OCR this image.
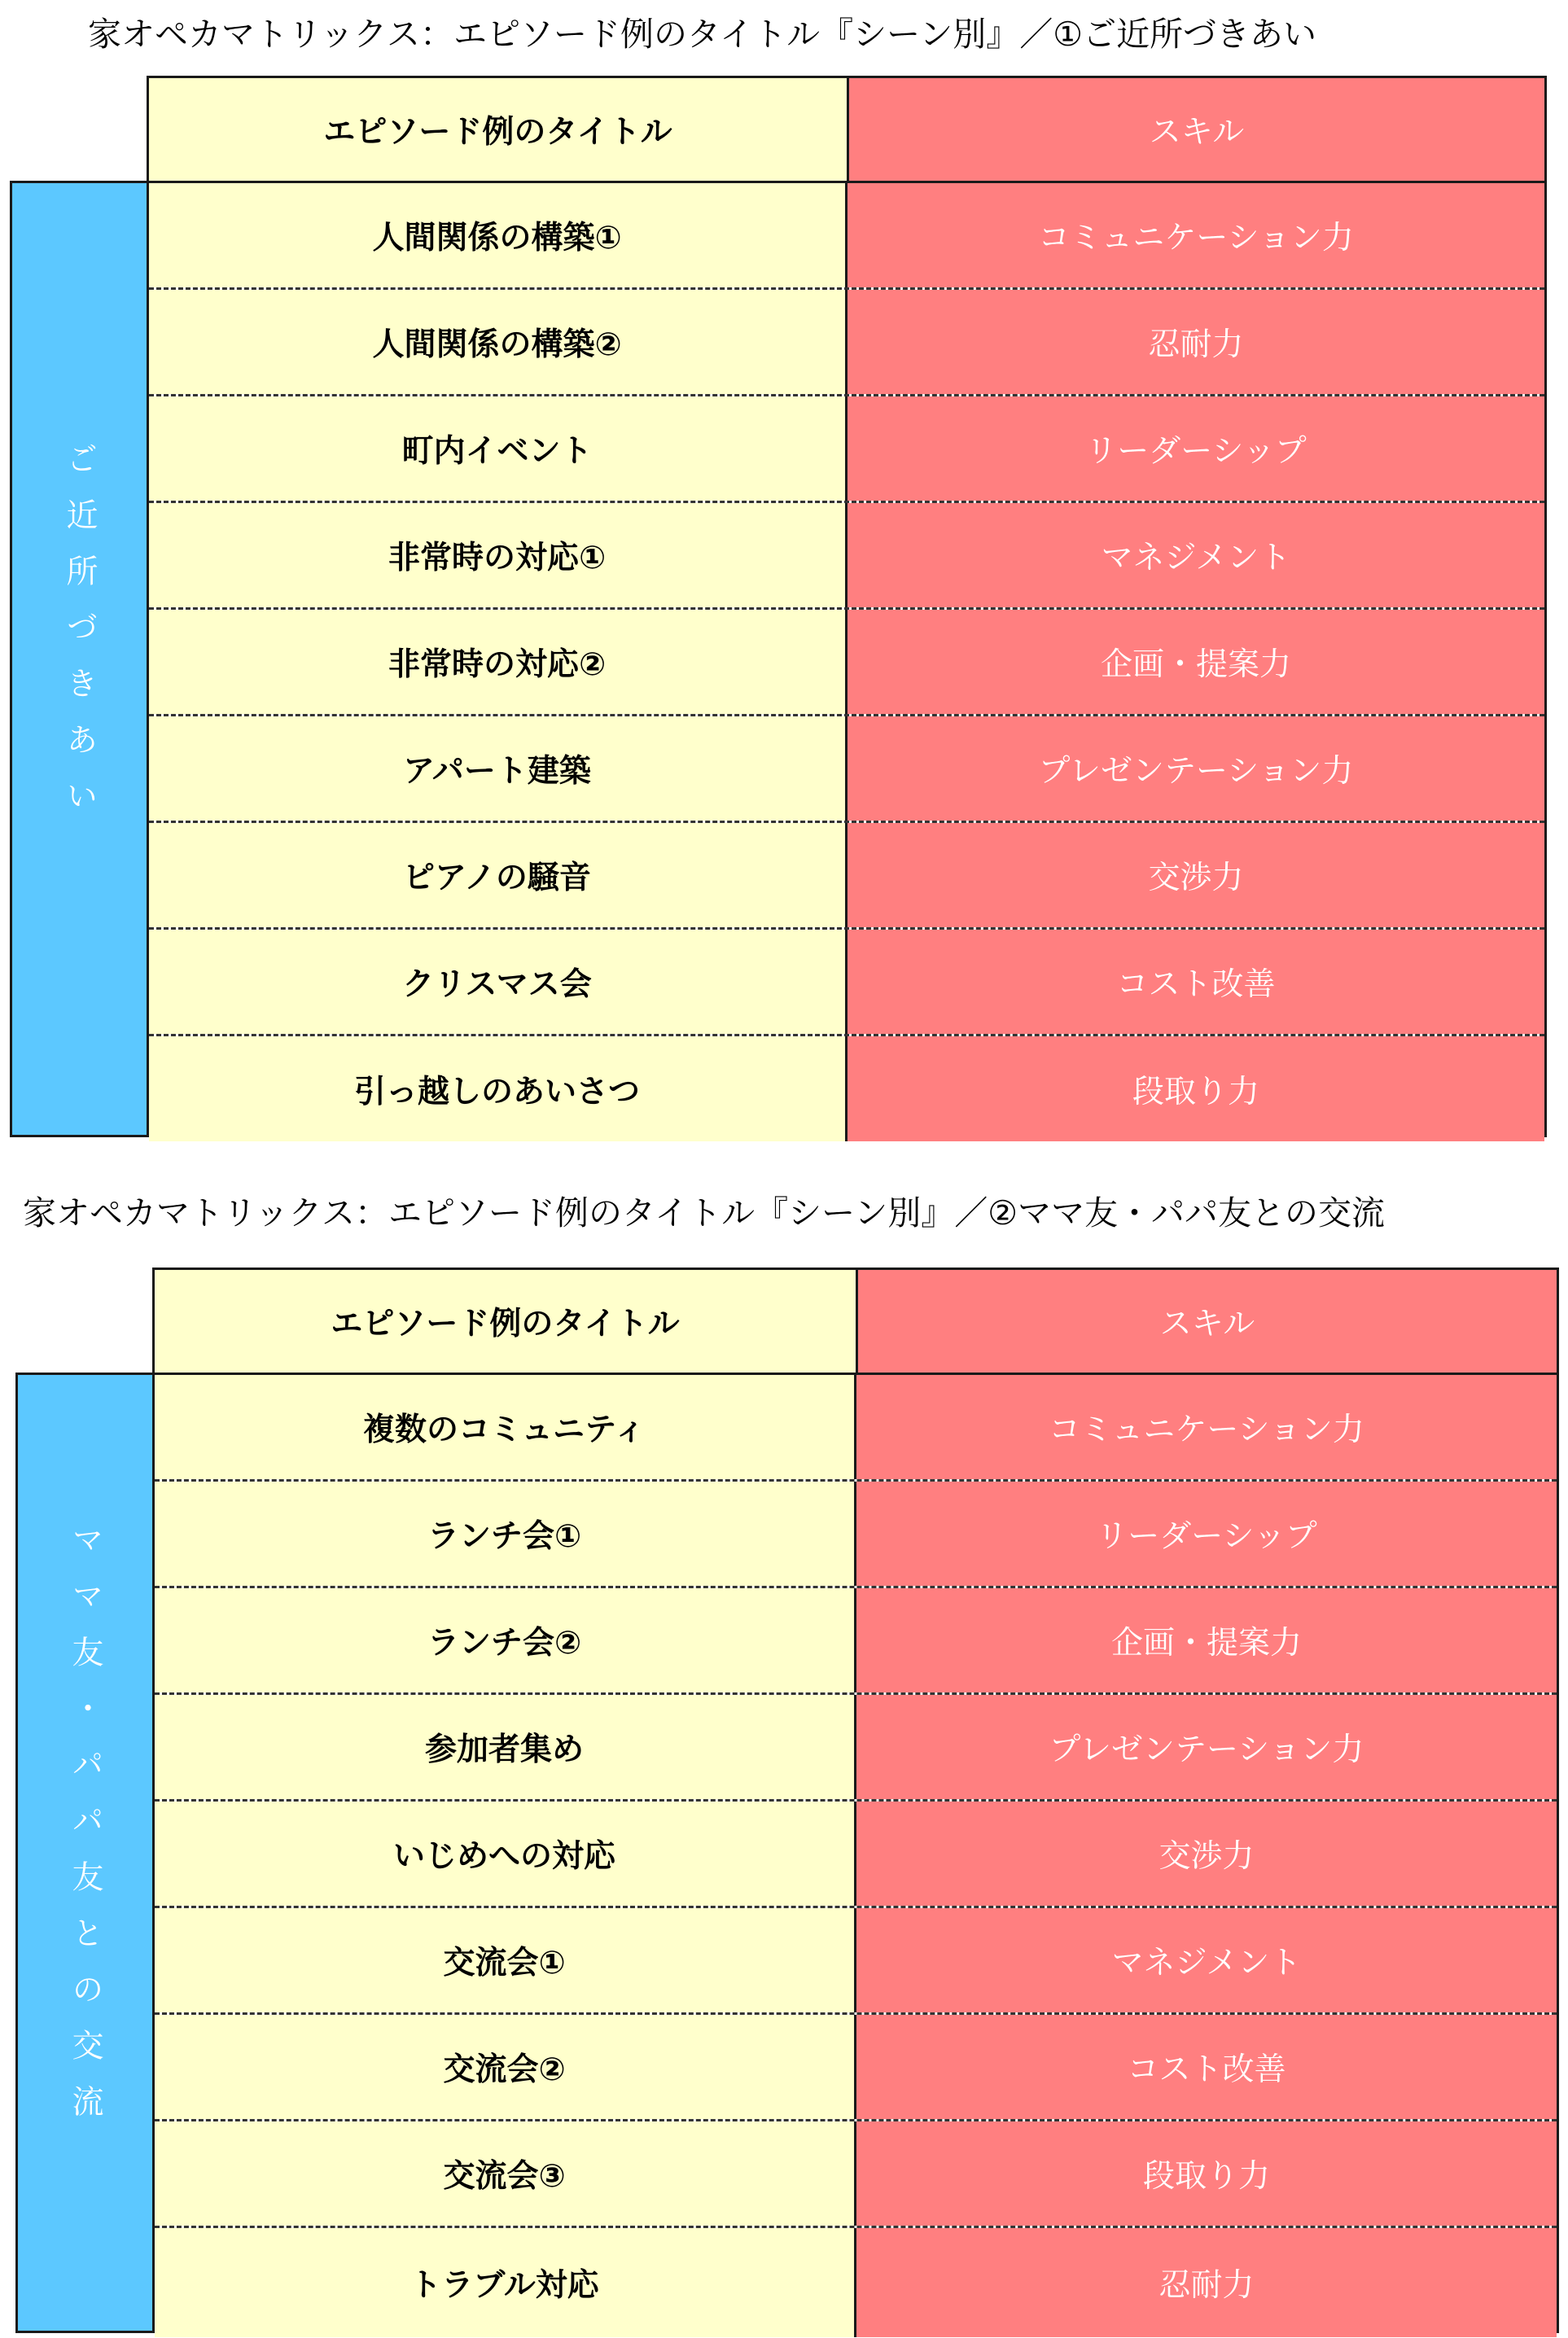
家オペカマトリックス：エピソード例のタイトル『シーン別』／①ご近所づきあい
エピソード例のタイトル	スキル
ご近所づきあい
人間関係の構築①	コミュニケーション力
人間関係の構築②	忍耐力
町内イベント	リーダーシップ
非常時の対応①	マネジメント
非常時の対応②	企画・提案力
アパート建築	プレゼンテーション力
ピアノの騒音	交渉力
クリスマス会	コスト改善
引っ越しのあいさつ	段取り力
家オペカマトリックス：エピソード例のタイトル『シーン別』／②ママ友・パパ友との交流
エピソード例のタイトル	スキル
ママ友・パパ友との交流
複数のコミュニティ	コミュニケーション力
ランチ会①	リーダーシップ
ランチ会②	企画・提案力
参加者集め	プレゼンテーション力
いじめへの対応	交渉力
交流会①	マネジメント
交流会②	コスト改善
交流会③	段取り力
トラブル対応	忍耐力
